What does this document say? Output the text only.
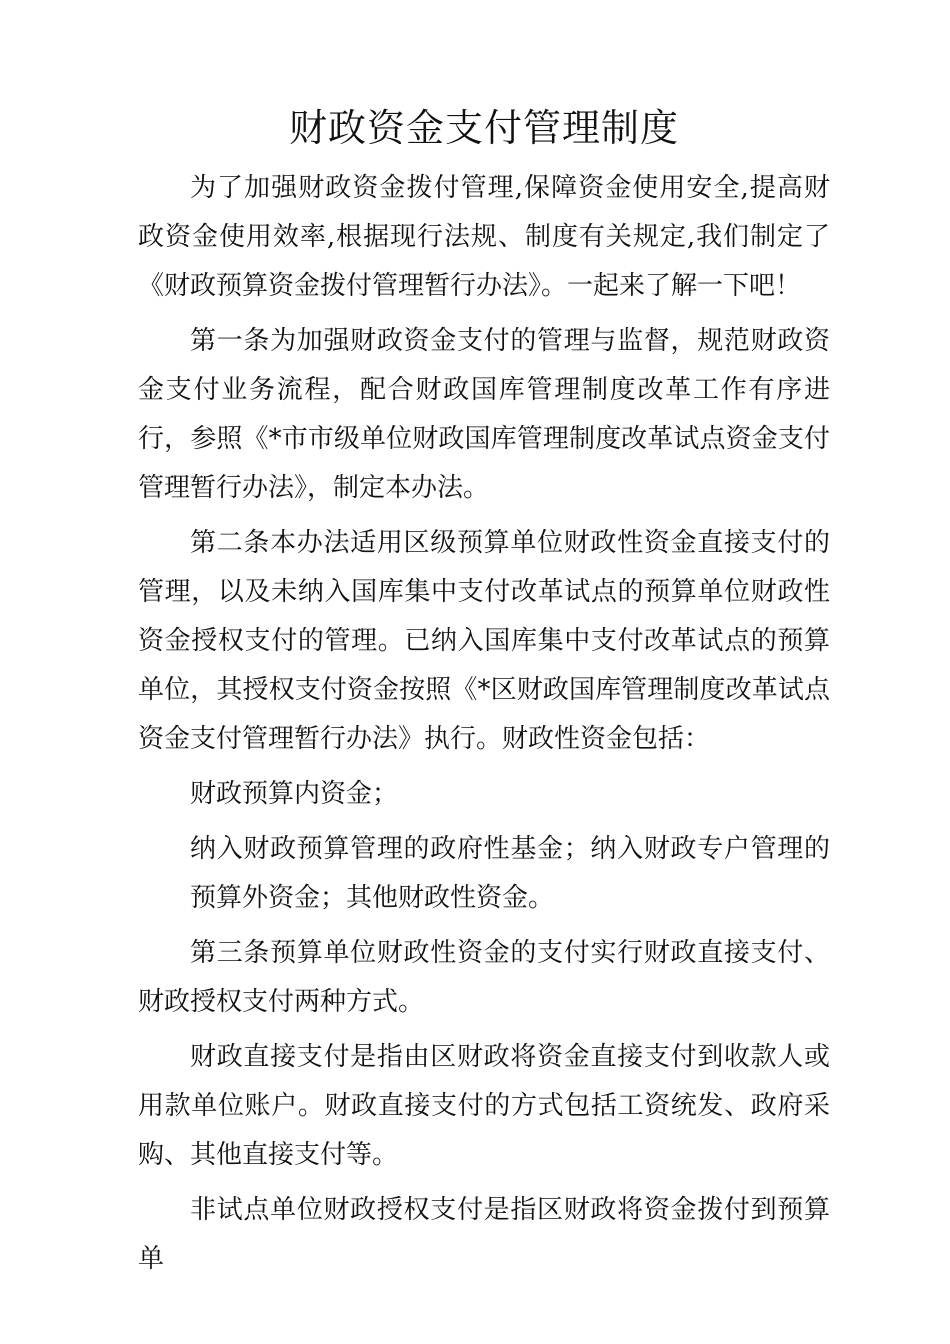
财政资金支付管理制度

为了加强财政资金拨付管理,保障资金使用安全,提高财政资金使用效率,根据现行法规、制度有关规定,我们制定了《财政预算资金拨付管理暂行办法》。一起来了解一下吧！

第一条为加强财政资金支付的管理与监督，规范财政资金支付业务流程，配合财政国库管理制度改革工作有序进行，参照《*市市级单位财政国库管理制度改革试点资金支付管理暂行办法》，制定本办法。

第二条本办法适用区级预算单位财政性资金直接支付的管理，以及未纳入国库集中支付改革试点的预算单位财政性资金授权支付的管理。已纳入国库集中支付改革试点的预算单位，其授权支付资金按照《*区财政国库管理制度改革试点资金支付管理暂行办法》执行。财政性资金包括：

财政预算内资金；

纳入财政预算管理的政府性基金；纳入财政专户管理的预算外资金；其他财政性资金。

第三条预算单位财政性资金的支付实行财政直接支付、财政授权支付两种方式。

财政直接支付是指由区财政将资金直接支付到收款人或用款单位账户。财政直接支付的方式包括工资统发、政府采购、其他直接支付等。

非试点单位财政授权支付是指区财政将资金拨付到预算单
